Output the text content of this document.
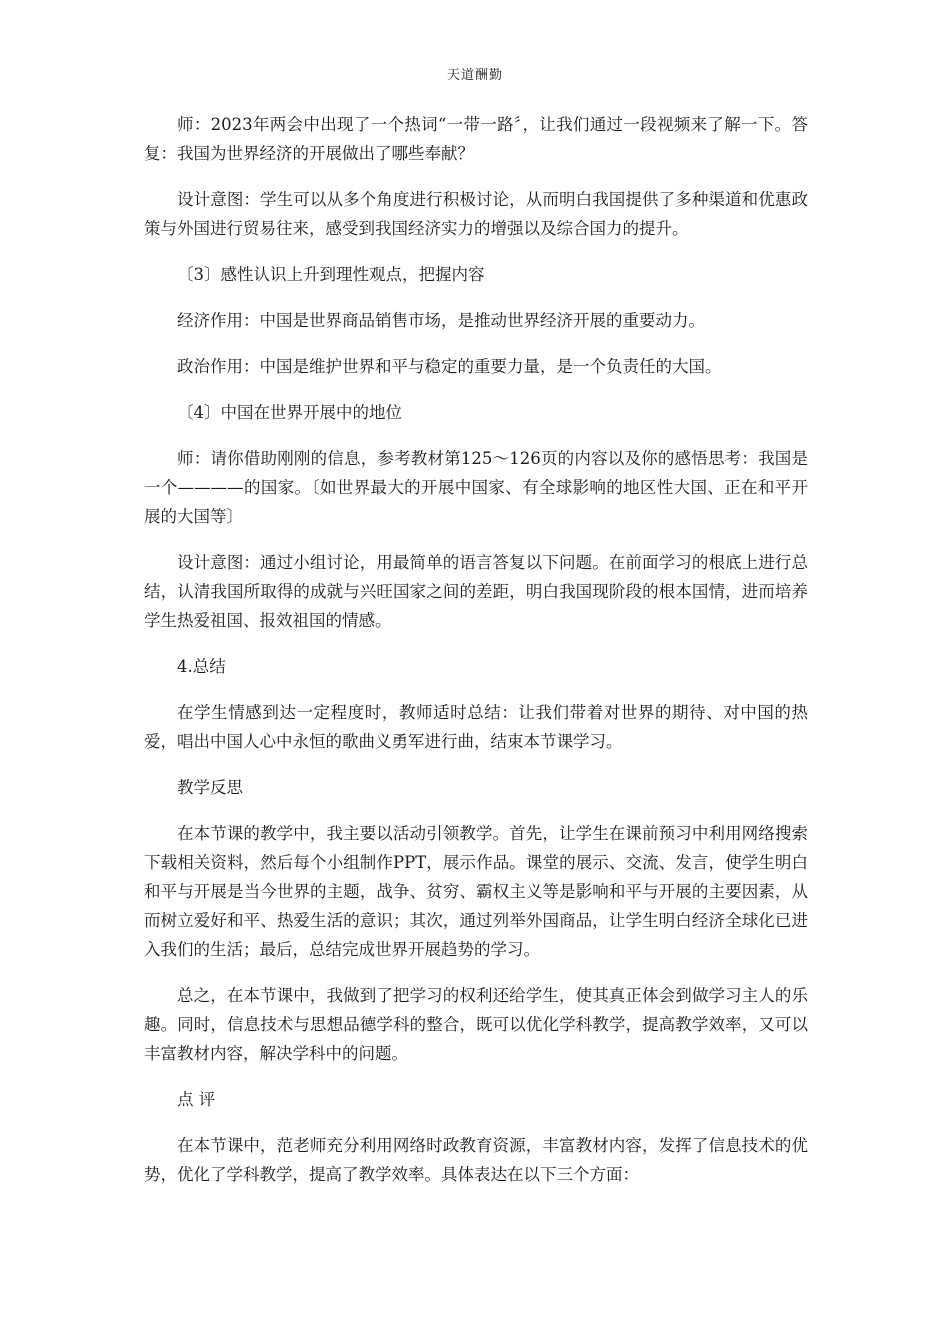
天道酬勤

师：2023年两会中出现了一个热词“一带一路〞，让我们通过一段视频来了解一下。答复：我国为世界经济的开展做出了哪些奉献？

设计意图：学生可以从多个角度进行积极讨论，从而明白我国提供了多种渠道和优惠政策与外国进行贸易往来，感受到我国经济实力的增强以及综合国力的提升。

〔3〕感性认识上升到理性观点，把握内容

经济作用：中国是世界商品销售市场，是推动世界经济开展的重要动力。

政治作用：中国是维护世界和平与稳定的重要力量，是一个负责任的大国。

〔4〕中国在世界开展中的地位

师：请你借助刚刚的信息，参考教材第125～126页的内容以及你的感悟思考：我国是一个————的国家。〔如世界最大的开展中国家、有全球影响的地区性大国、正在和平开展的大国等〕

设计意图：通过小组讨论，用最简单的语言答复以下问题。在前面学习的根底上进行总结，认清我国所取得的成就与兴旺国家之间的差距，明白我国现阶段的根本国情，进而培养学生热爱祖国、报效祖国的情感。

4.总结

在学生情感到达一定程度时，教师适时总结：让我们带着对世界的期待、对中国的热爱，唱出中国人心中永恒的歌曲义勇军进行曲，结束本节课学习。

教学反思

在本节课的教学中，我主要以活动引领教学。首先，让学生在课前预习中利用网络搜索下载相关资料，然后每个小组制作PPT，展示作品。课堂的展示、交流、发言，使学生明白和平与开展是当今世界的主题，战争、贫穷、霸权主义等是影响和平与开展的主要因素，从而树立爱好和平、热爱生活的意识；其次，通过列举外国商品，让学生明白经济全球化已进入我们的生活；最后，总结完成世界开展趋势的学习。

总之，在本节课中，我做到了把学习的权利还给学生，使其真正体会到做学习主人的乐趣。同时，信息技术与思想品德学科的整合，既可以优化学科教学，提高教学效率，又可以丰富教材内容，解决学科中的问题。

点 评

在本节课中，范老师充分利用网络时政教育资源，丰富教材内容，发挥了信息技术的优势，优化了学科教学，提高了教学效率。具体表达在以下三个方面：
